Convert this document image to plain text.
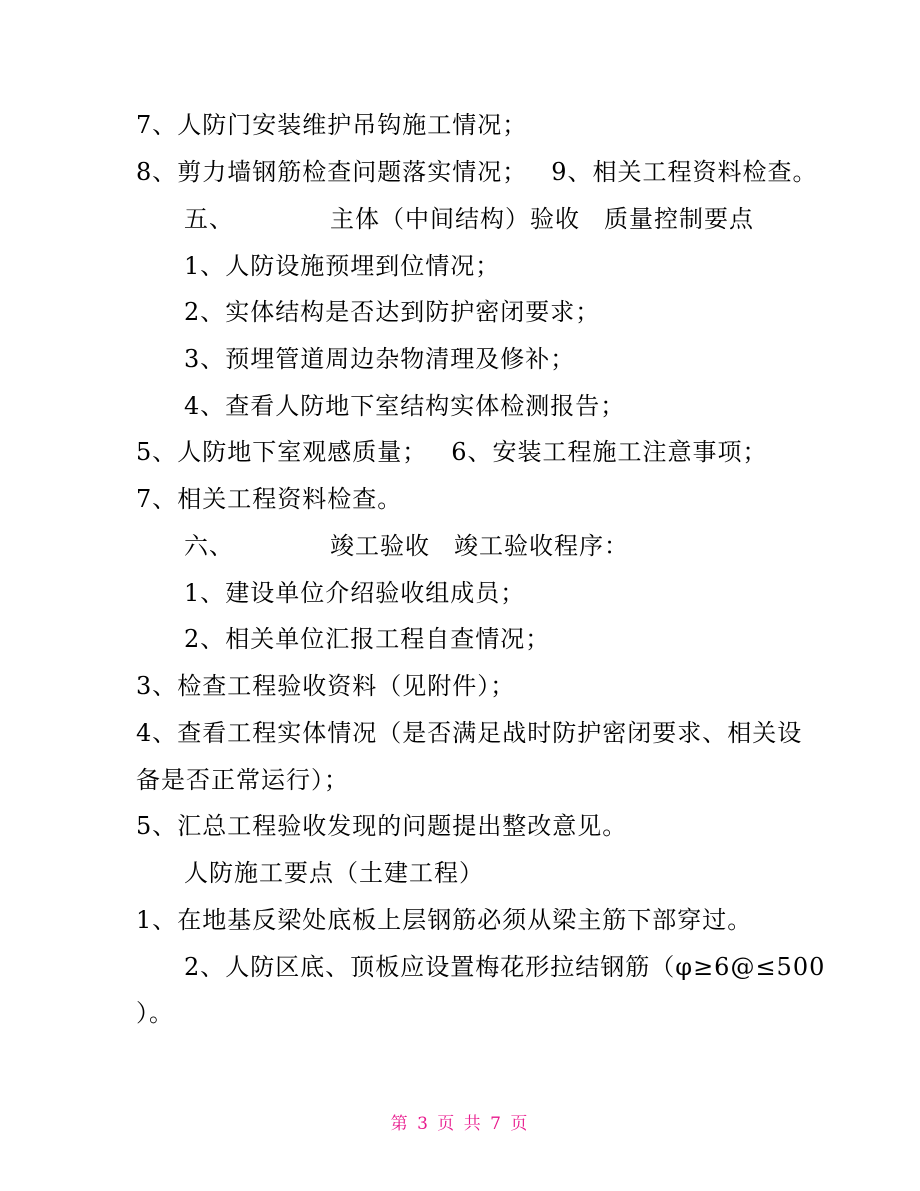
7、人防门安装维护吊钩施工情况；
8、剪力墙钢筋检查问题落实情况； 9、相关工程资料检查。
五、	主体（中间结构）验收 质量控制要点
1、人防设施预埋到位情况；
2、实体结构是否达到防护密闭要求；
3、预埋管道周边杂物清理及修补；
4、查看人防地下室结构实体检测报告；
5、人防地下室观感质量； 6、安装工程施工注意事项；
7、相关工程资料检查。
六、	竣工验收 竣工验收程序：
1、建设单位介绍验收组成员；
2、相关单位汇报工程自查情况；
3、检查工程验收资料（见附件）；
4、查看工程实体情况（是否满足战时防护密闭要求、相关设
备是否正常运行）；
5、汇总工程验收发现的问题提出整改意见。
人防施工要点（土建工程）
1、在地基反梁处底板上层钢筋必须从梁主筋下部穿过。
2、人防区底、顶板应设置梅花形拉结钢筋（φ≥6@≤500
）。
第 3 页 共 7 页
